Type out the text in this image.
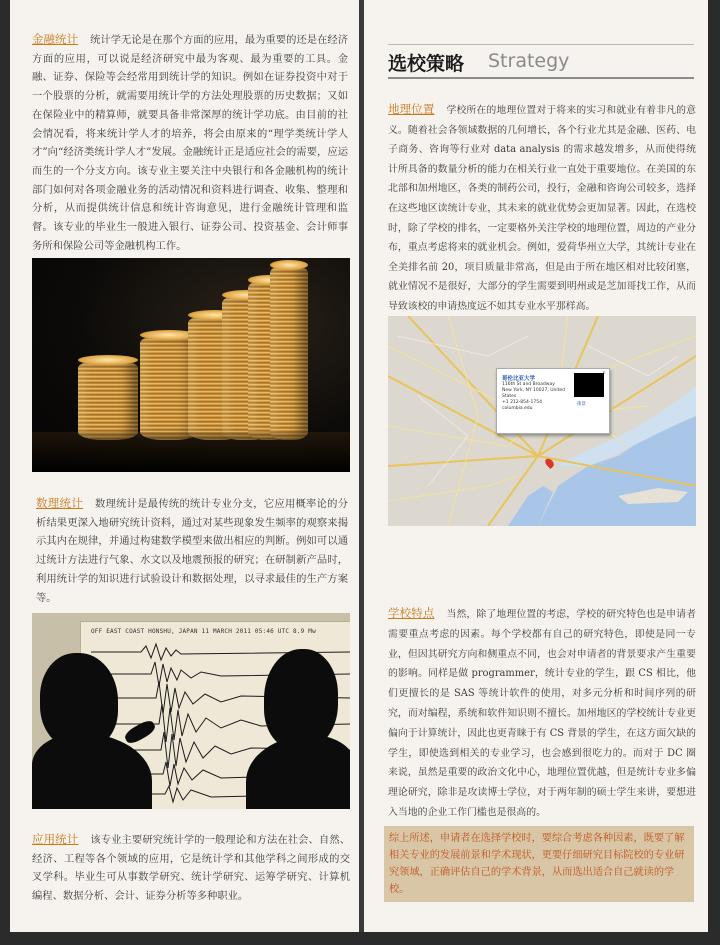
金融统计 统计学无论是在那个方面的应用，最为重要的还是在经济方面的应用，可以说是经济研究中最为客观、最为重要的工具。金融、证券、保险等会经常用到统计学的知识。例如在证券投资中对于一个股票的分析，就需要用统计学的方法处理股票的历史数据；又如在保险业中的精算师，就要具备非常深厚的统计学功底。由目前的社会情况看，将来统计学人才的培养，将会由原来的“理学类统计学人才”向“经济类统计学人才”发展。金融统计正是适应社会的需要，应运而生的一个分支方向。该专业主要关注中央银行和各金融机构的统计部门如何对各项金融业务的活动情况和资料进行调查、收集、整理和分析，从而提供统计信息和统计咨询意见，进行金融统计管理和监督。该专业的毕业生一般进入银行、证券公司、投资基金、会计师事务所和保险公司等金融机构工作。

数理统计 数理统计是最传统的统计专业分支，它应用概率论的分析结果更深入地研究统计资料，通过对某些现象发生频率的观察来揭示其内在规律，并通过构建数学模型来做出相应的判断。例如可以通过统计方法进行气象、水文以及地震预报的研究；在研制新产品时，利用统计学的知识进行试验设计和数据处理，以寻求最佳的生产方案等。

OFF EAST COAST HONSHU, JAPAN 11 MARCH 2011 05:46 UTC 8.9 Mw

应用统计 该专业主要研究统计学的一般理论和方法在社会、自然、经济、工程等各个领域的应用，它是统计学和其他学科之间形成的交叉学科。毕业生可从事数学研究、统计学研究、运筹学研究、计算机编程、数据分析、会计、证券分析等多种职业。

选校策略 Strategy

地理位置 学校所在的地理位置对于将来的实习和就业有着非凡的意义。随着社会各领域数据的几何增长，各个行业尤其是金融、医药、电子商务、咨询等行业对 data analysis 的需求越发增多，从而使得统计所具备的数量分析的能力在相关行业一直处于重要地位。在美国的东北部和加州地区，各类的制药公司，投行，金融和咨询公司较多，选择在这些地区读统计专业，其未来的就业优势会更加显著。因此，在选校时，除了学校的排名，一定要格外关注学校的地理位置，周边的产业分布，重点考虑将来的就业机会。例如，爱荷华州立大学，其统计专业在全美排名前 20，项目质量非常高，但是由于所在地区相对比较闭塞，就业情况不是很好，大部分的学生需要到明州或是芝加哥找工作，从而导致该校的申请热度远不如其专业水平那样高。

哥伦比亚大学
116th St and Broadway
New York, NY 10027, United
States
+1 212-854-1754
columbia.edu
街景
×

学校特点 当然，除了地理位置的考虑，学校的研究特色也是申请者需要重点考虑的因素。每个学校都有自己的研究特色，即使是同一专业，但因其研究方向和侧重点不同，也会对申请者的背景要求产生重要的影响。同样是做 programmer，统计专业的学生，跟 CS 相比，他们更擅长的是 SAS 等统计软件的使用，对多元分析和时间序列的研究，而对编程，系统和软件知识则不擅长。加州地区的学校统计专业更偏向于计算统计，因此也更青睐于有 CS 背景的学生，在这方面欠缺的学生，即使选到相关的专业学习，也会感到很吃力的。而对于 DC 圈来说，虽然是重要的政治文化中心，地理位置优越，但是统计专业多偏理论研究，除非是攻读博士学位，对于两年制的硕士学生来讲，要想进入当地的企业工作门槛也是很高的。

综上所述，申请者在选择学校时，要综合考虑各种因素，既要了解相关专业的发展前景和学术现状，更要仔细研究目标院校的专业研究领域，正确评估自己的学术背景，从而选出适合自己就读的学校。
